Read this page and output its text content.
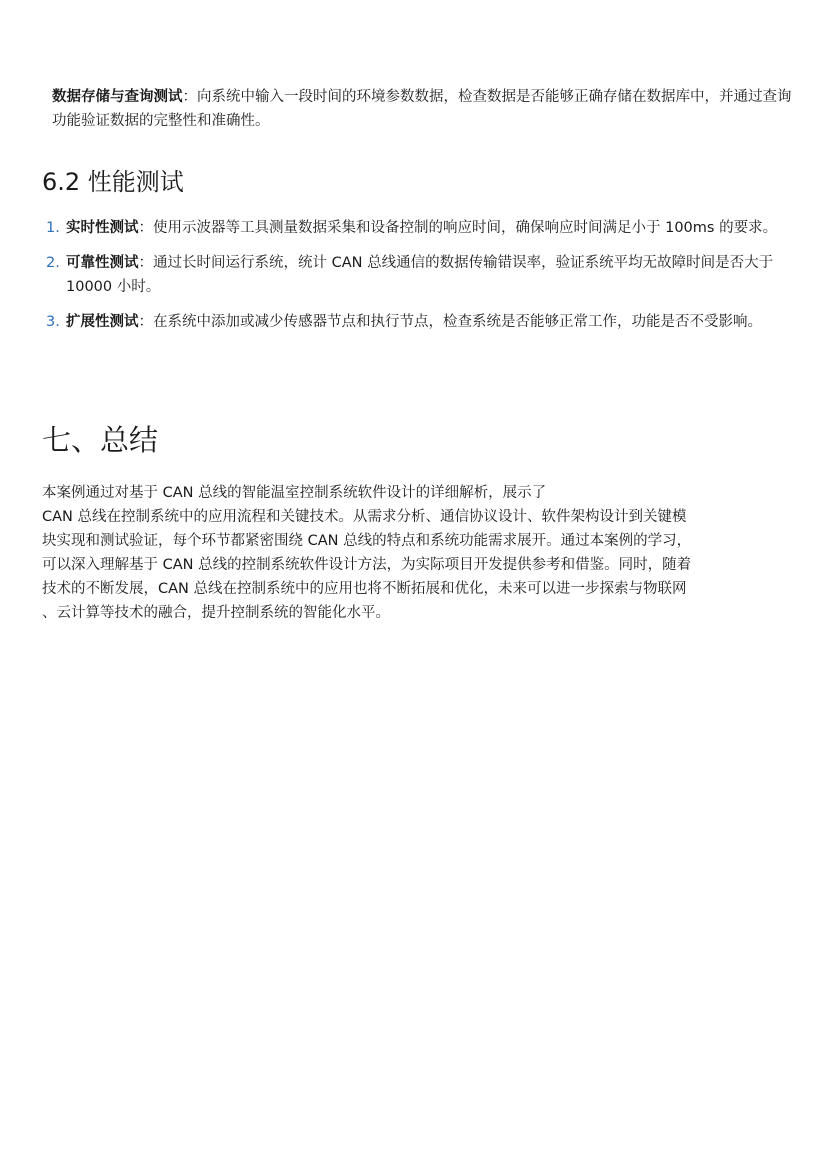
数据存储与查询测试：向系统中输入一段时间的环境参数数据，检查数据是否能够正确存储在数据库中，并通过查询功能验证数据的完整性和准确性。

6.2 性能测试
1. 实时性测试：使用示波器等工具测量数据采集和设备控制的响应时间，确保响应时间满足小于 100ms 的要求。
2. 可靠性测试：通过长时间运行系统，统计 CAN 总线通信的数据传输错误率，验证系统平均无故障时间是否大于 10000 小时。
3. 扩展性测试：在系统中添加或减少传感器节点和执行节点，检查系统是否能够正常工作，功能是否不受影响。
七、总结

本案例通过对基于 CAN 总线的智能温室控制系统软件设计的详细解析，展示了
CAN 总线在控制系统中的应用流程和关键技术。从需求分析、通信协议设计、软件架构设计到关键模
块实现和测试验证，每个环节都紧密围绕 CAN 总线的特点和系统功能需求展开。通过本案例的学习，
可以深入理解基于 CAN 总线的控制系统软件设计方法，为实际项目开发提供参考和借鉴。同时，随着
技术的不断发展，CAN 总线在控制系统中的应用也将不断拓展和优化，未来可以进一步探索与物联网
、云计算等技术的融合，提升控制系统的智能化水平。
